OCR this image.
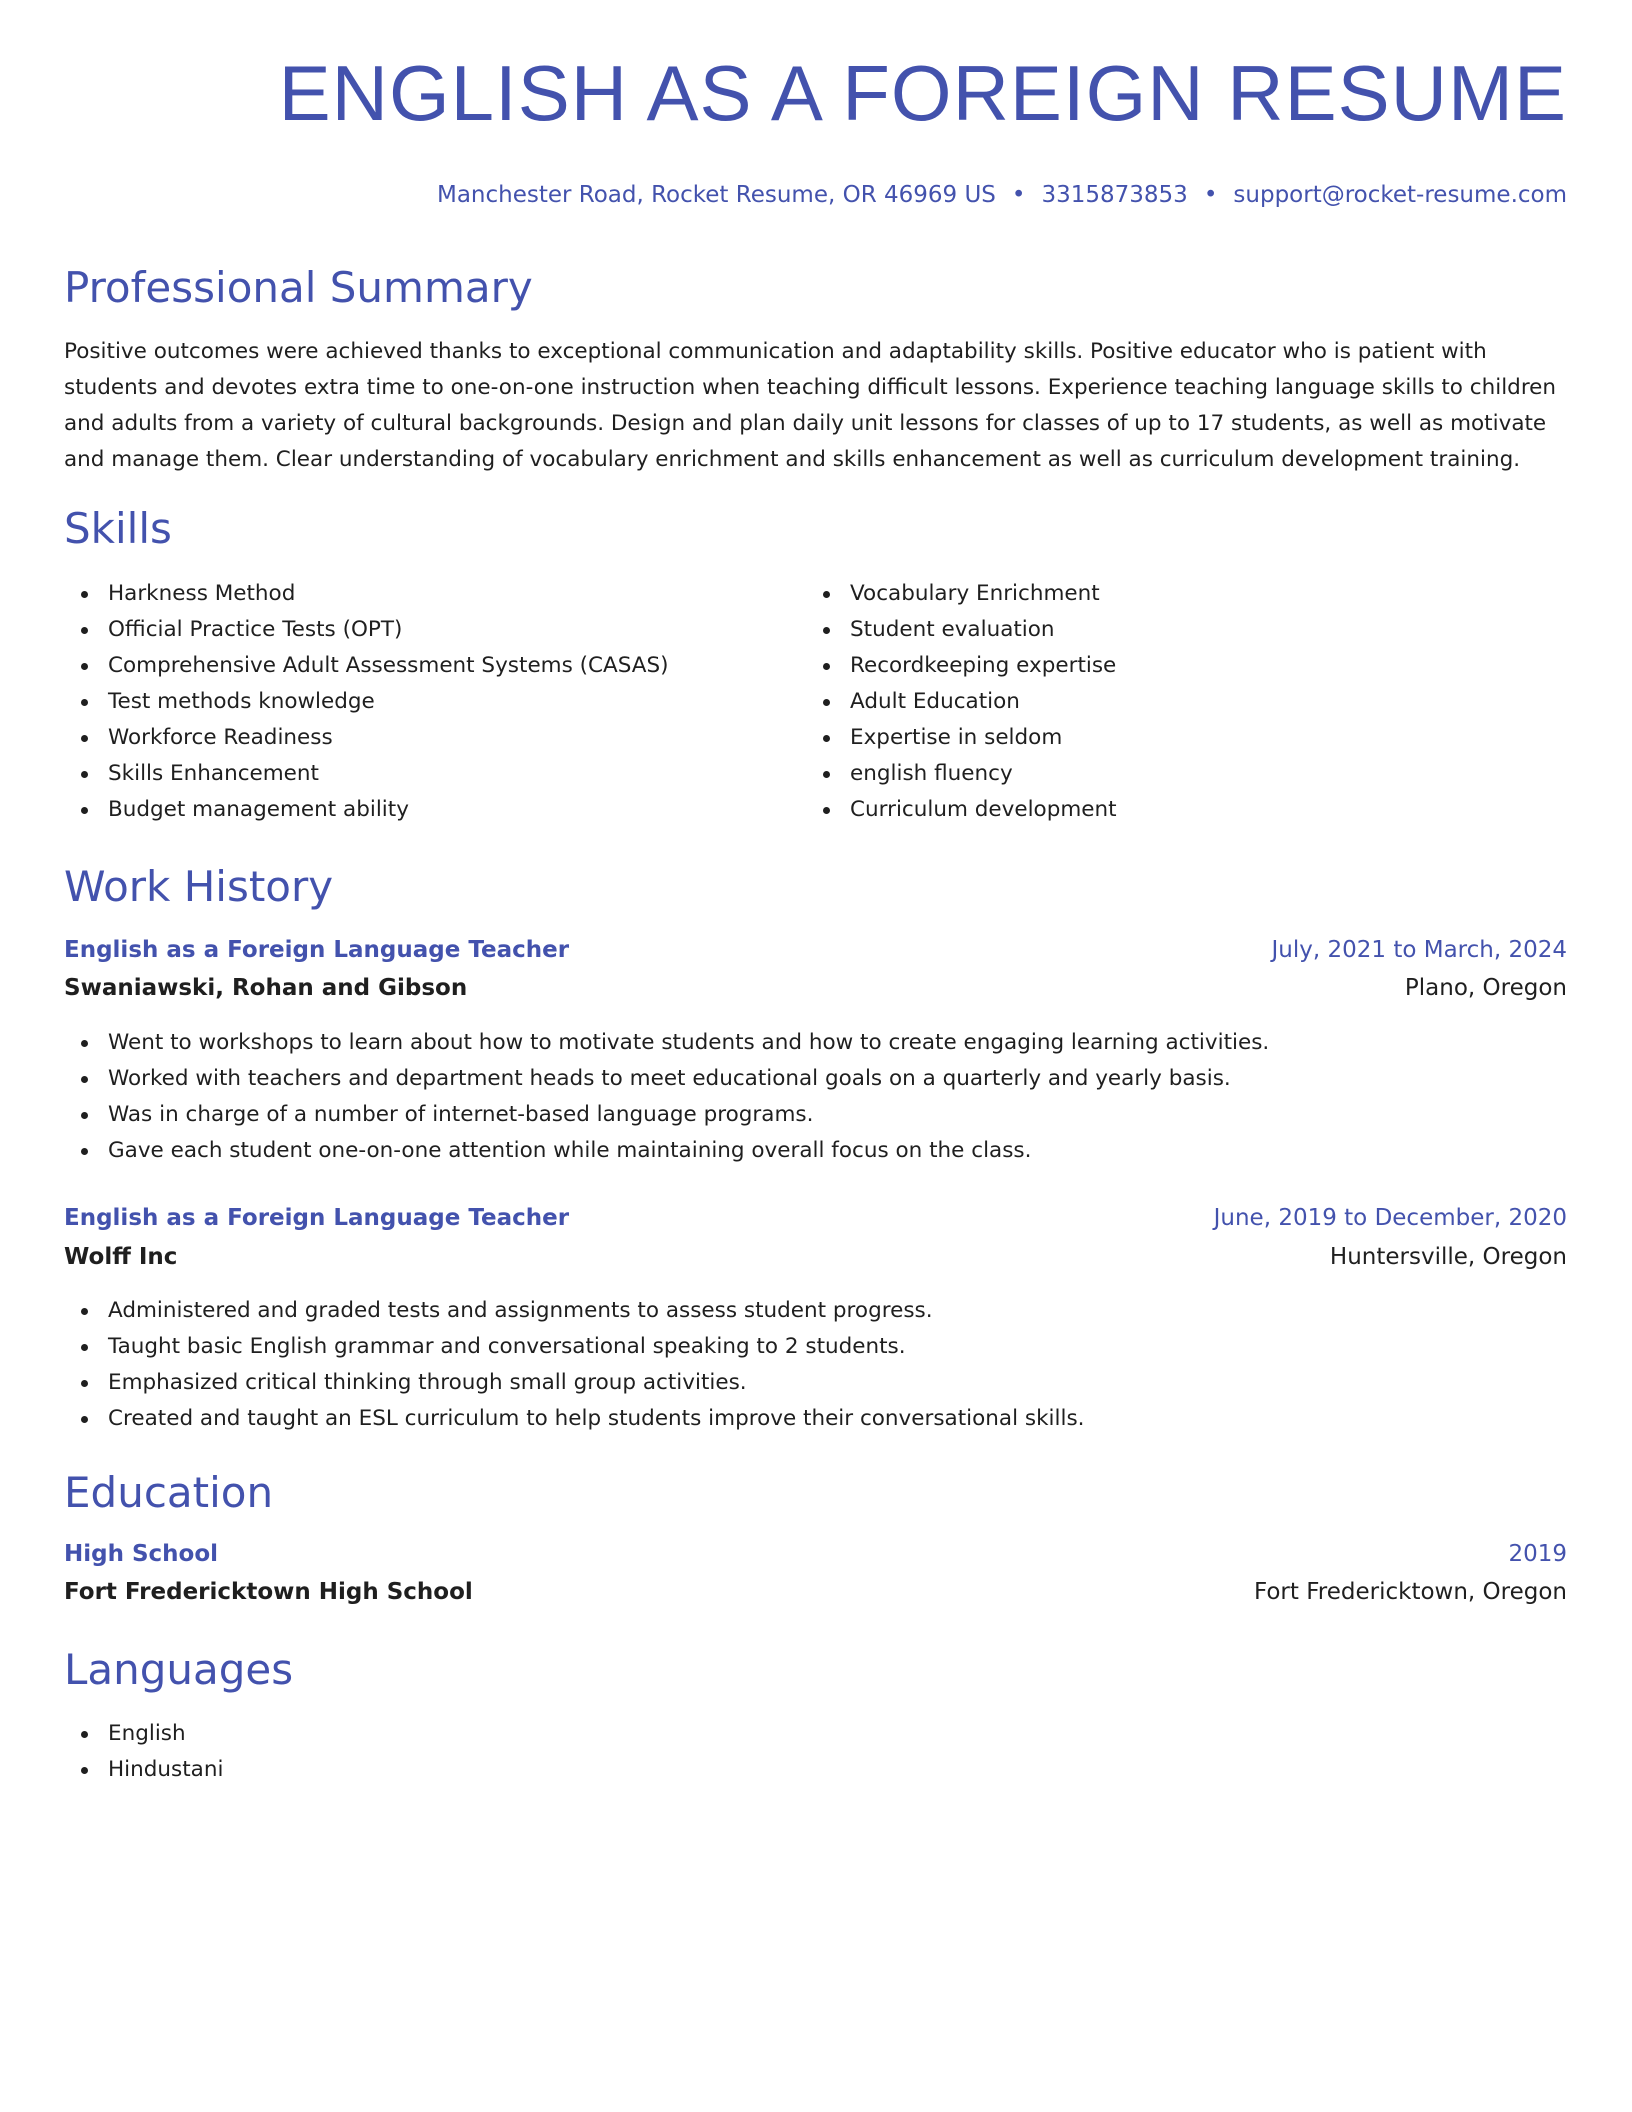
ENGLISH AS A FOREIGN RESUME
Manchester Road, Rocket Resume, OR 46969 US • 3315873853 • support@rocket-resume.com
Professional Summary

Positive outcomes were achieved thanks to exceptional communication and adaptability skills. Positive educator who is patient with students and devotes extra time to one-on-one instruction when teaching difficult lessons. Experience teaching language skills to children and adults from a variety of cultural backgrounds. Design and plan daily unit lessons for classes of up to 17 students, as well as motivate and manage them. Clear understanding of vocabulary enrichment and skills enhancement as well as curriculum development training.

Skills
Harkness Method
Official Practice Tests (OPT)
Comprehensive Adult Assessment Systems (CASAS)
Test methods knowledge
Workforce Readiness
Skills Enhancement
Budget management ability
Vocabulary Enrichment
Student evaluation
Recordkeeping expertise
Adult Education
Expertise in seldom
english fluency
Curriculum development
Work History
English as a Foreign Language Teacher	July, 2021 to March, 2024
Swaniawski, Rohan and Gibson	Plano, Oregon
Went to workshops to learn about how to motivate students and how to create engaging learning activities.
Worked with teachers and department heads to meet educational goals on a quarterly and yearly basis.
Was in charge of a number of internet-based language programs.
Gave each student one-on-one attention while maintaining overall focus on the class.
English as a Foreign Language Teacher	June, 2019 to December, 2020
Wolff Inc	Huntersville, Oregon
Administered and graded tests and assignments to assess student progress.
Taught basic English grammar and conversational speaking to 2 students.
Emphasized critical thinking through small group activities.
Created and taught an ESL curriculum to help students improve their conversational skills.
Education
High School	2019
Fort Fredericktown High School	Fort Fredericktown, Oregon
Languages
English
Hindustani
